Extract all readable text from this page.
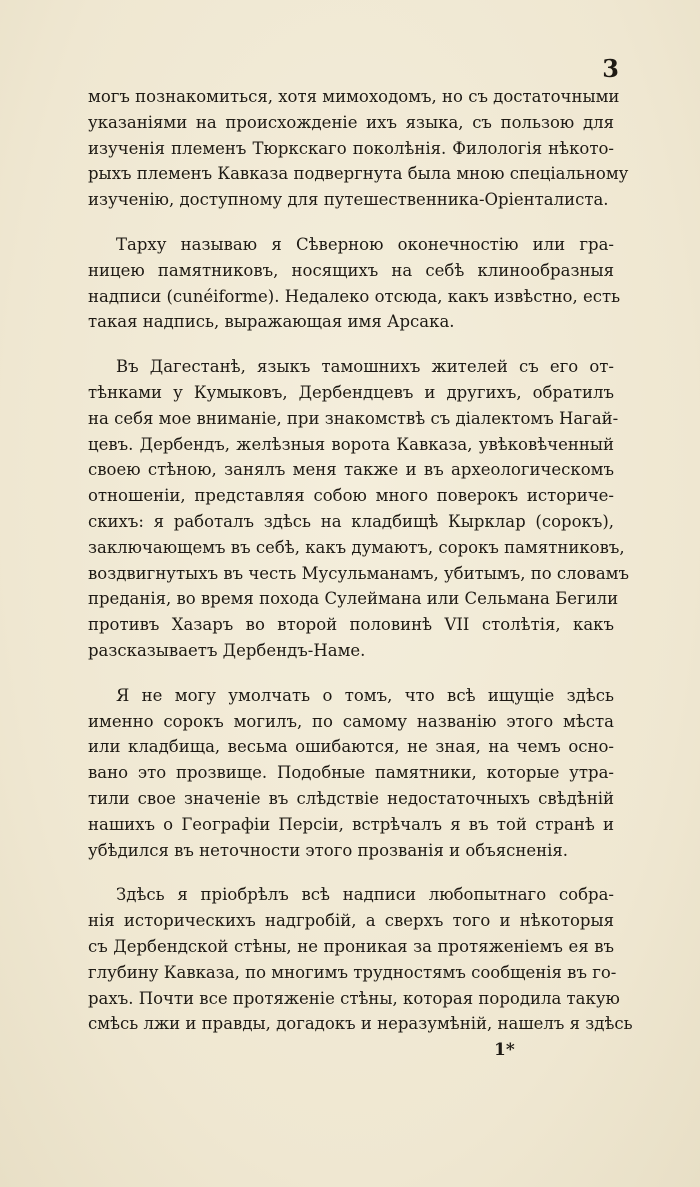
3

могъ познакомиться, хотя мимоходомъ, но съ достаточными
указаніями на происхожденіе ихъ языка, съ пользою для
изученія племенъ Тюркскаго поколѣнія. Филологія нѣкото-
рыхъ племенъ Кавказа подвергнута была мною спеціальному
изученію, доступному для путешественника-Оріенталиста.

Тарху называю я Сѣверною оконечностію или гра-
ницею памятниковъ, носящихъ на себѣ клинообразныя
надписи (cunéiforme). Недалеко отсюда, какъ извѣстно, есть
такая надпись, выражающая имя Арсака.

Въ Дагестанѣ, языкъ тамошнихъ жителей съ его от-
тѣнками у Кумыковъ, Дербендцевъ и другихъ, обратилъ
на себя мое вниманіе, при знакомствѣ съ діалектомъ Нагай-
цевъ. Дербендъ, желѣзныя ворота Кавказа, увѣковѣченный
своею стѣною, занялъ меня также и въ археологическомъ
отношеніи, представляя собою много поверокъ историче-
скихъ: я работалъ здѣсь на кладбищѣ Кырклар (сорокъ),
заключающемъ въ себѣ, какъ думаютъ, сорокъ памятниковъ,
воздвигнутыхъ въ честь Мусульманамъ, убитымъ, по словамъ
преданія, во время похода Сулеймана или Сельмана Бегили
противъ Хазаръ во второй половинѣ VII столѣтія, какъ
разсказываетъ Дербендъ-Наме.

Я не могу умолчать о томъ, что всѣ ищущіе здѣсь
именно сорокъ могилъ, по самому названію этого мѣста
или кладбища, весьма ошибаются, не зная, на чемъ осно-
вано это прозвище. Подобные памятники, которые утра-
тили свое значеніе въ слѣдствіе недостаточныхъ свѣдѣній
нашихъ о Географіи Персіи, встрѣчалъ я въ той странѣ и
убѣдился въ неточности этого прозванія и объясненія.

Здѣсь я пріобрѣлъ всѣ надписи любопытнаго собра-
нія историческихъ надгробій, а сверхъ того и нѣкоторыя
съ Дербендской стѣны, не проникая за протяженіемъ ея въ
глубину Кавказа, по многимъ трудностямъ сообщенія въ го-
рахъ. Почти все протяженіе стѣны, которая породила такую
смѣсь лжи и правды, догадокъ и неразумѣній, нашелъ я здѣсь

1*
